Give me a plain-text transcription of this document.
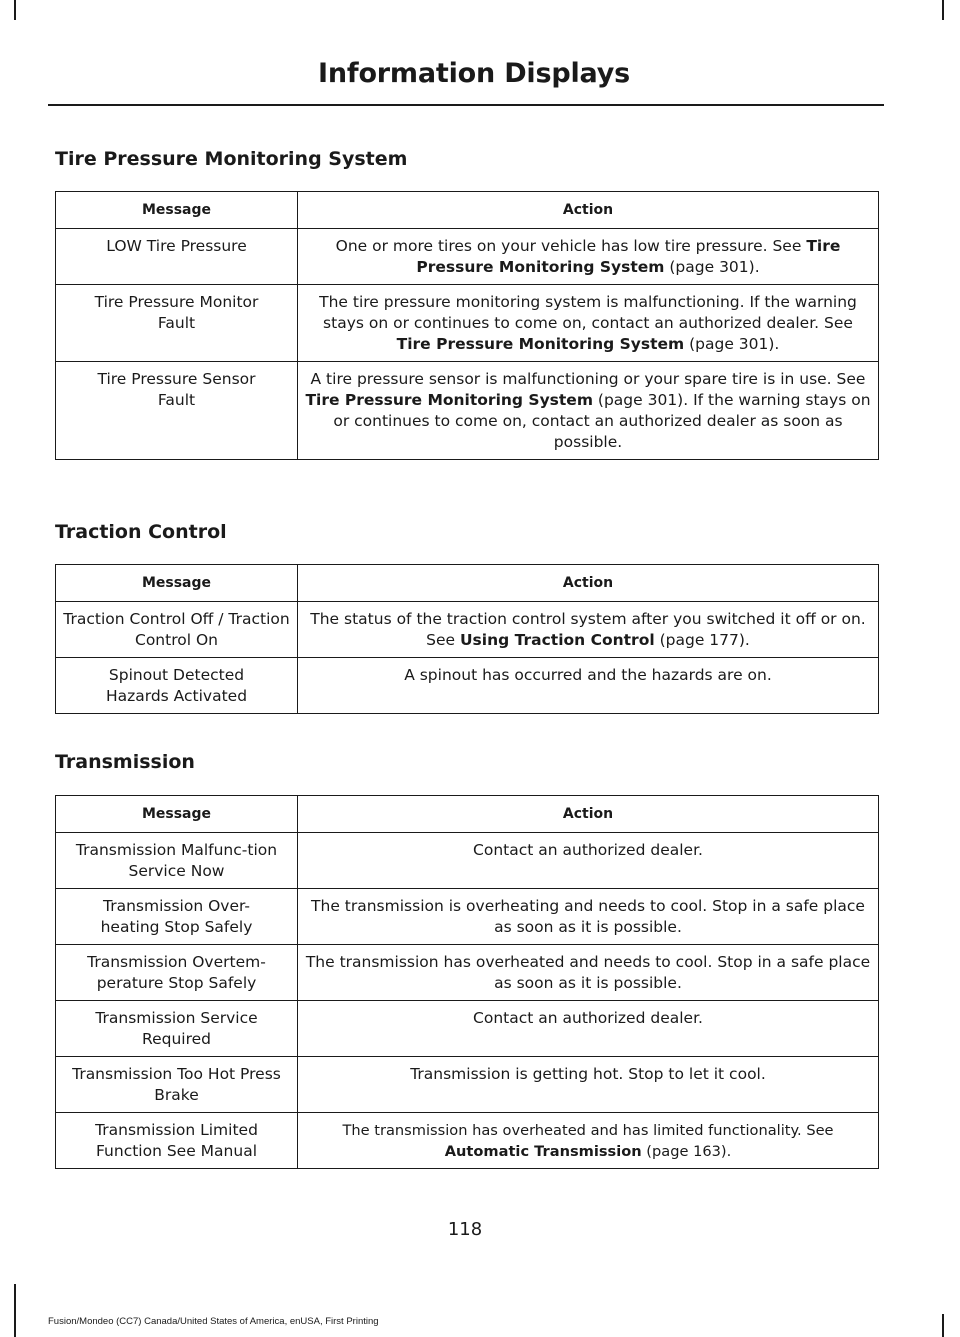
Information Displays
Tire Pressure Monitoring System
Message	Action
LOW Tire Pressure	One or more tires on your vehicle has low tire pressure. See Tire Pressure Monitoring System (page 301).
Tire Pressure Monitor Fault	The tire pressure monitoring system is malfunctioning. If the warning stays on or continues to come on, contact an authorized dealer. See Tire Pressure Monitoring System (page 301).
Tire Pressure Sensor Fault	A tire pressure sensor is malfunctioning or your spare tire is in use. See Tire Pressure Monitoring System (page 301). If the warning stays on or continues to come on, contact an authorized dealer as soon as possible.
Traction Control
Message	Action
Traction Control Off / Traction Control On	The status of the traction control system after you switched it off or on. See Using Traction Control (page 177).
Spinout Detected Hazards Activated	A spinout has occurred and the hazards are on.
Transmission
Message	Action
Transmission Malfunc-tion Service Now	Contact an authorized dealer.
Transmission Over-heating Stop Safely	The transmission is overheating and needs to cool. Stop in a safe place as soon as it is possible.
Transmission Overtem-perature Stop Safely	The transmission has overheated and needs to cool. Stop in a safe place as soon as it is possible.
Transmission Service Required	Contact an authorized dealer.
Transmission Too Hot Press Brake	Transmission is getting hot. Stop to let it cool.
Transmission Limited Function See Manual	The transmission has overheated and has limited functionality. See Automatic Transmission (page 163).
118
Fusion/Mondeo (CC7) Canada/United States of America, enUSA, First Printing
